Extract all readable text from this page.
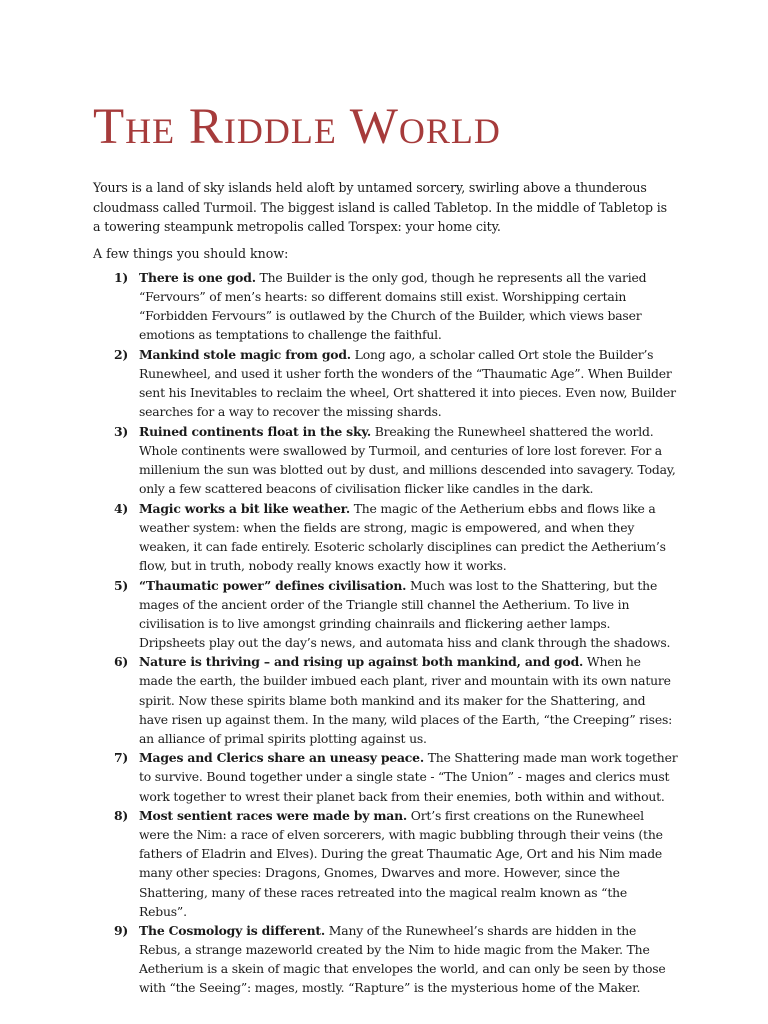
The Riddle World

Yours is a land of sky islands held aloft by untamed sorcery, swirling above a thunderous cloudmass called Turmoil. The biggest island is called Tabletop. In the middle of Tabletop is a towering steampunk metropolis called Torspex: your home city.

A few things you should know:

1) There is one god. The Builder is the only god, though he represents all the varied “Fervours” of men’s hearts: so different domains still exist. Worshipping certain “Forbidden Fervours” is outlawed by the Church of the Builder, which views baser emotions as temptations to challenge the faithful.
2) Mankind stole magic from god. Long ago, a scholar called Ort stole the Builder’s Runewheel, and used it usher forth the wonders of the “Thaumatic Age”. When Builder sent his Inevitables to reclaim the wheel, Ort shattered it into pieces. Even now, Builder searches for a way to recover the missing shards.
3) Ruined continents float in the sky. Breaking the Runewheel shattered the world. Whole continents were swallowed by Turmoil, and centuries of lore lost forever. For a millenium the sun was blotted out by dust, and millions descended into savagery. Today, only a few scattered beacons of civilisation flicker like candles in the dark.
4) Magic works a bit like weather. The magic of the Aetherium ebbs and flows like a weather system: when the fields are strong, magic is empowered, and when they weaken, it can fade entirely. Esoteric scholarly disciplines can predict the Aetherium’s flow, but in truth, nobody really knows exactly how it works.
5) “Thaumatic power” defines civilisation. Much was lost to the Shattering, but the mages of the ancient order of the Triangle still channel the Aetherium. To live in civilisation is to live amongst grinding chainrails and flickering aether lamps. Dripsheets play out the day’s news, and automata hiss and clank through the shadows.
6) Nature is thriving – and rising up against both mankind, and god. When he made the earth, the builder imbued each plant, river and mountain with its own nature spirit. Now these spirits blame both mankind and its maker for the Shattering, and have risen up against them. In the many, wild places of the Earth, “the Creeping” rises: an alliance of primal spirits plotting against us.
7) Mages and Clerics share an uneasy peace. The Shattering made man work together to survive. Bound together under a single state - “The Union” - mages and clerics must work together to wrest their planet back from their enemies, both within and without.
8) Most sentient races were made by man. Ort’s first creations on the Runewheel were the Nim: a race of elven sorcerers, with magic bubbling through their veins (the fathers of Eladrin and Elves). During the great Thaumatic Age, Ort and his Nim made many other species: Dragons, Gnomes, Dwarves and more. However, since the Shattering, many of these races retreated into the magical realm known as “the Rebus”.
9) The Cosmology is different. Many of the Runewheel’s shards are hidden in the Rebus, a strange mazeworld created by the Nim to hide magic from the Maker. The Aetherium is a skein of magic that envelopes the world, and can only be seen by those with “the Seeing”: mages, mostly. “Rapture” is the mysterious home of the Maker.
